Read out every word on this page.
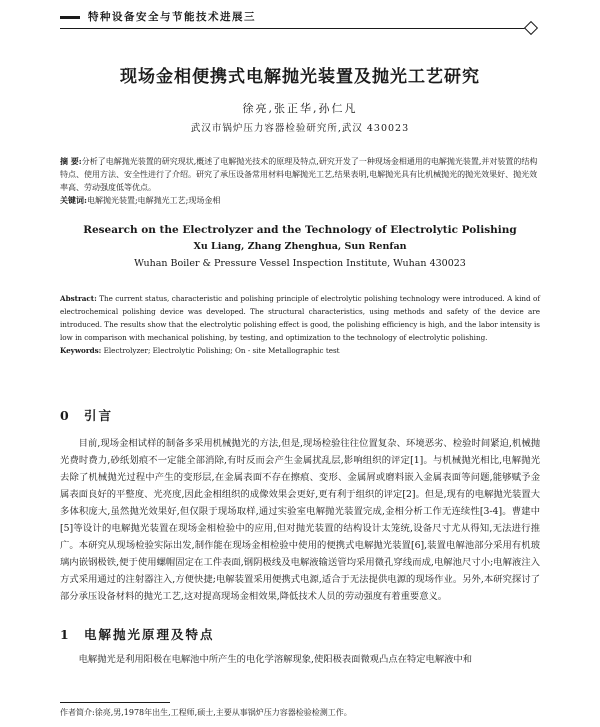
特种设备安全与节能技术进展三
现场金相便携式电解抛光装置及抛光工艺研究
徐亮,张正华,孙仁凡
武汉市锅炉压力容器检验研究所,武汉 430023
摘 要:分析了电解抛光装置的研究现状,概述了电解抛光技术的原理及特点,研究开发了一种现场金相通用的电解抛光装置,并对装置的结构特点、使用方法、安全性进行了介绍。研究了承压设备常用材料电解抛光工艺,结果表明,电解抛光具有比机械抛光的抛光效果好、抛光效率高、劳动强度低等优点。
关键词:电解抛光装置;电解抛光工艺;现场金相
Research on the Electrolyzer and the Technology of Electrolytic Polishing
Xu Liang, Zhang Zhenghua, Sun Renfan
Wuhan Boiler & Pressure Vessel Inspection Institute, Wuhan 430023
Abstract: The current status, characteristic and polishing principle of electrolytic polishing technology were introduced. A kind of electrochemical polishing device was developed. The structural characteristics, using methods and safety of the device are introduced. The results show that the electrolytic polishing effect is good, the polishing efficiency is high, and the labor intensity is low in comparison with mechanical polishing, by testing, and optimization to the technology of electrolytic polishing.
Keywords: Electrolyzer; Electrolytic Polishing; On - site Metallographic test
0 引言
目前,现场金相试样的制备多采用机械抛光的方法,但是,现场检验往往位置复杂、环境恶劣、检验时间紧迫,机械抛光费时费力,砂纸划痕不一定能全部消除,有时反而会产生金属扰乱层,影响组织的评定[1]。与机械抛光相比,电解抛光去除了机械抛光过程中产生的变形层,在金属表面不存在擦痕、变形、金属屑或磨料嵌入金属表面等问题,能够赋予金属表面良好的平整度、光亮度,因此金相组织的成像效果会更好,更有利于组织的评定[2]。但是,现有的电解抛光装置大多体积庞大,虽然抛光效果好,但仅限于现场取样,通过实验室电解抛光装置完成,金相分析工作无连续性[3-4]。曹建中[5]等设计的电解抛光装置在现场金相检验中的应用,但对抛光装置的结构设计太笼统,设备尺寸尤从得知,无法进行推广。本研究从现场检验实际出发,制作能在现场金相检验中使用的便携式电解抛光装置[6],装置电解池部分采用有机玻璃内嵌钢极铁,便于使用螺帽固定在工件表面,钢阴极线及电解液输送管均采用微孔穿线而成,电解池尺寸小;电解液注入方式采用通过的注射器注入,方便快捷;电解装置采用便携式电源,适合于无法提供电源的现场作业。另外,本研究探讨了部分承压设备材料的抛光工艺,这对提高现场金相效果,降低技术人员的劳动强度有着重要意义。
1 电解抛光原理及特点
电解抛光是利用阳极在电解池中所产生的电化学溶解现象,使阳极表面微观凸点在特定电解液中和
作者简介:徐亮,男,1978年出生,工程师,硕士,主要从事锅炉压力容器检验检测工作。
